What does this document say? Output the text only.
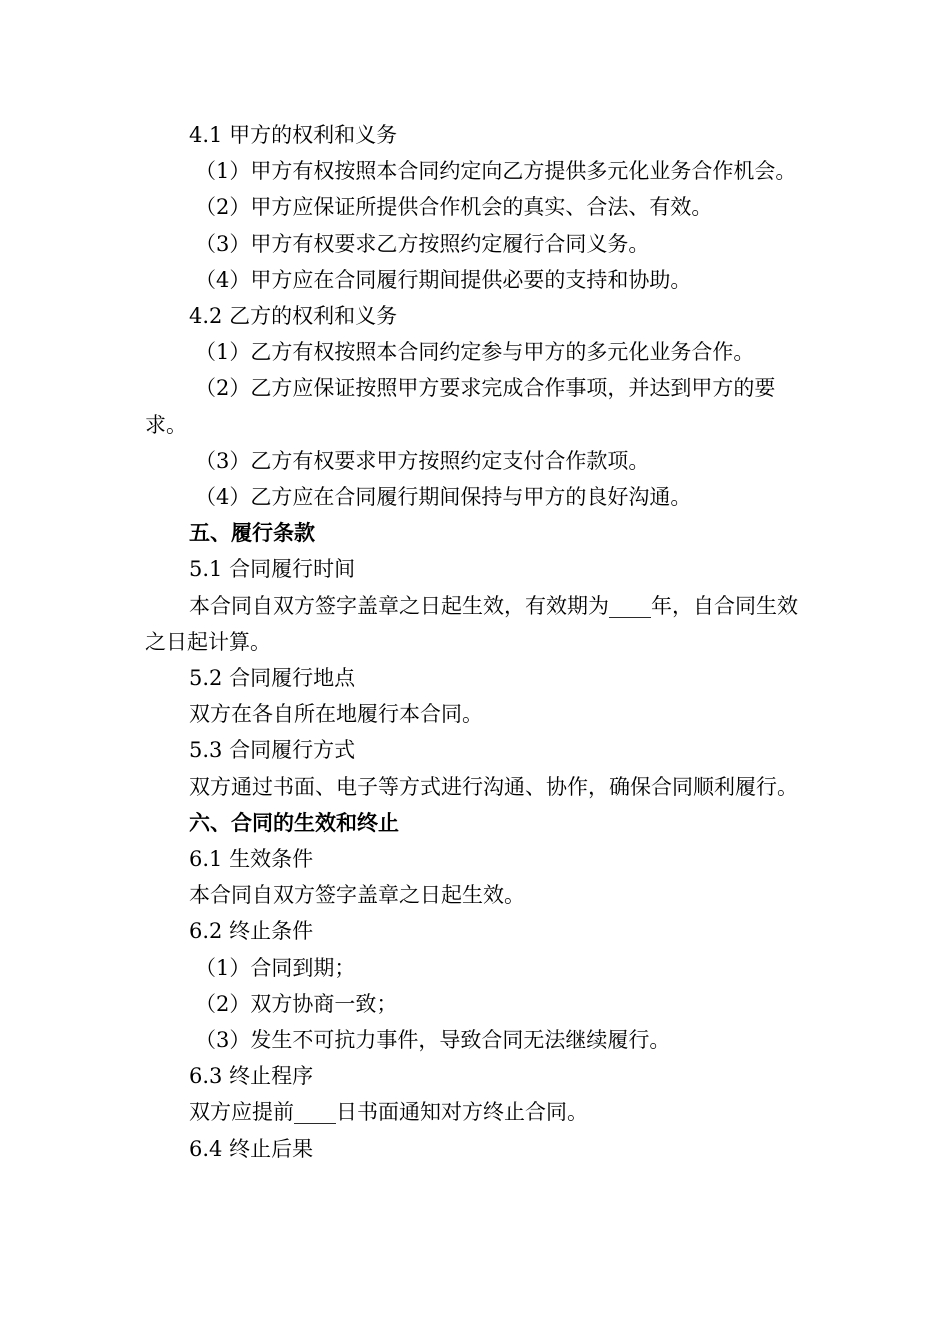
4.1 甲方的权利和义务

（1）甲方有权按照本合同约定向乙方提供多元化业务合作机会。

（2）甲方应保证所提供合作机会的真实、合法、有效。

（3）甲方有权要求乙方按照约定履行合同义务。

（4）甲方应在合同履行期间提供必要的支持和协助。

4.2 乙方的权利和义务

（1）乙方有权按照本合同约定参与甲方的多元化业务合作。

（2）乙方应保证按照甲方要求完成合作事项，并达到甲方的要求。

（3）乙方有权要求甲方按照约定支付合作款项。

（4）乙方应在合同履行期间保持与甲方的良好沟通。

五、履行条款

5.1 合同履行时间

本合同自双方签字盖章之日起生效，有效期为____年，自合同生效之日起计算。

5.2 合同履行地点

双方在各自所在地履行本合同。

5.3 合同履行方式

双方通过书面、电子等方式进行沟通、协作，确保合同顺利履行。

六、合同的生效和终止

6.1 生效条件

本合同自双方签字盖章之日起生效。

6.2 终止条件

（1）合同到期；

（2）双方协商一致；

（3）发生不可抗力事件，导致合同无法继续履行。

6.3 终止程序

双方应提前____日书面通知对方终止合同。

6.4 终止后果
